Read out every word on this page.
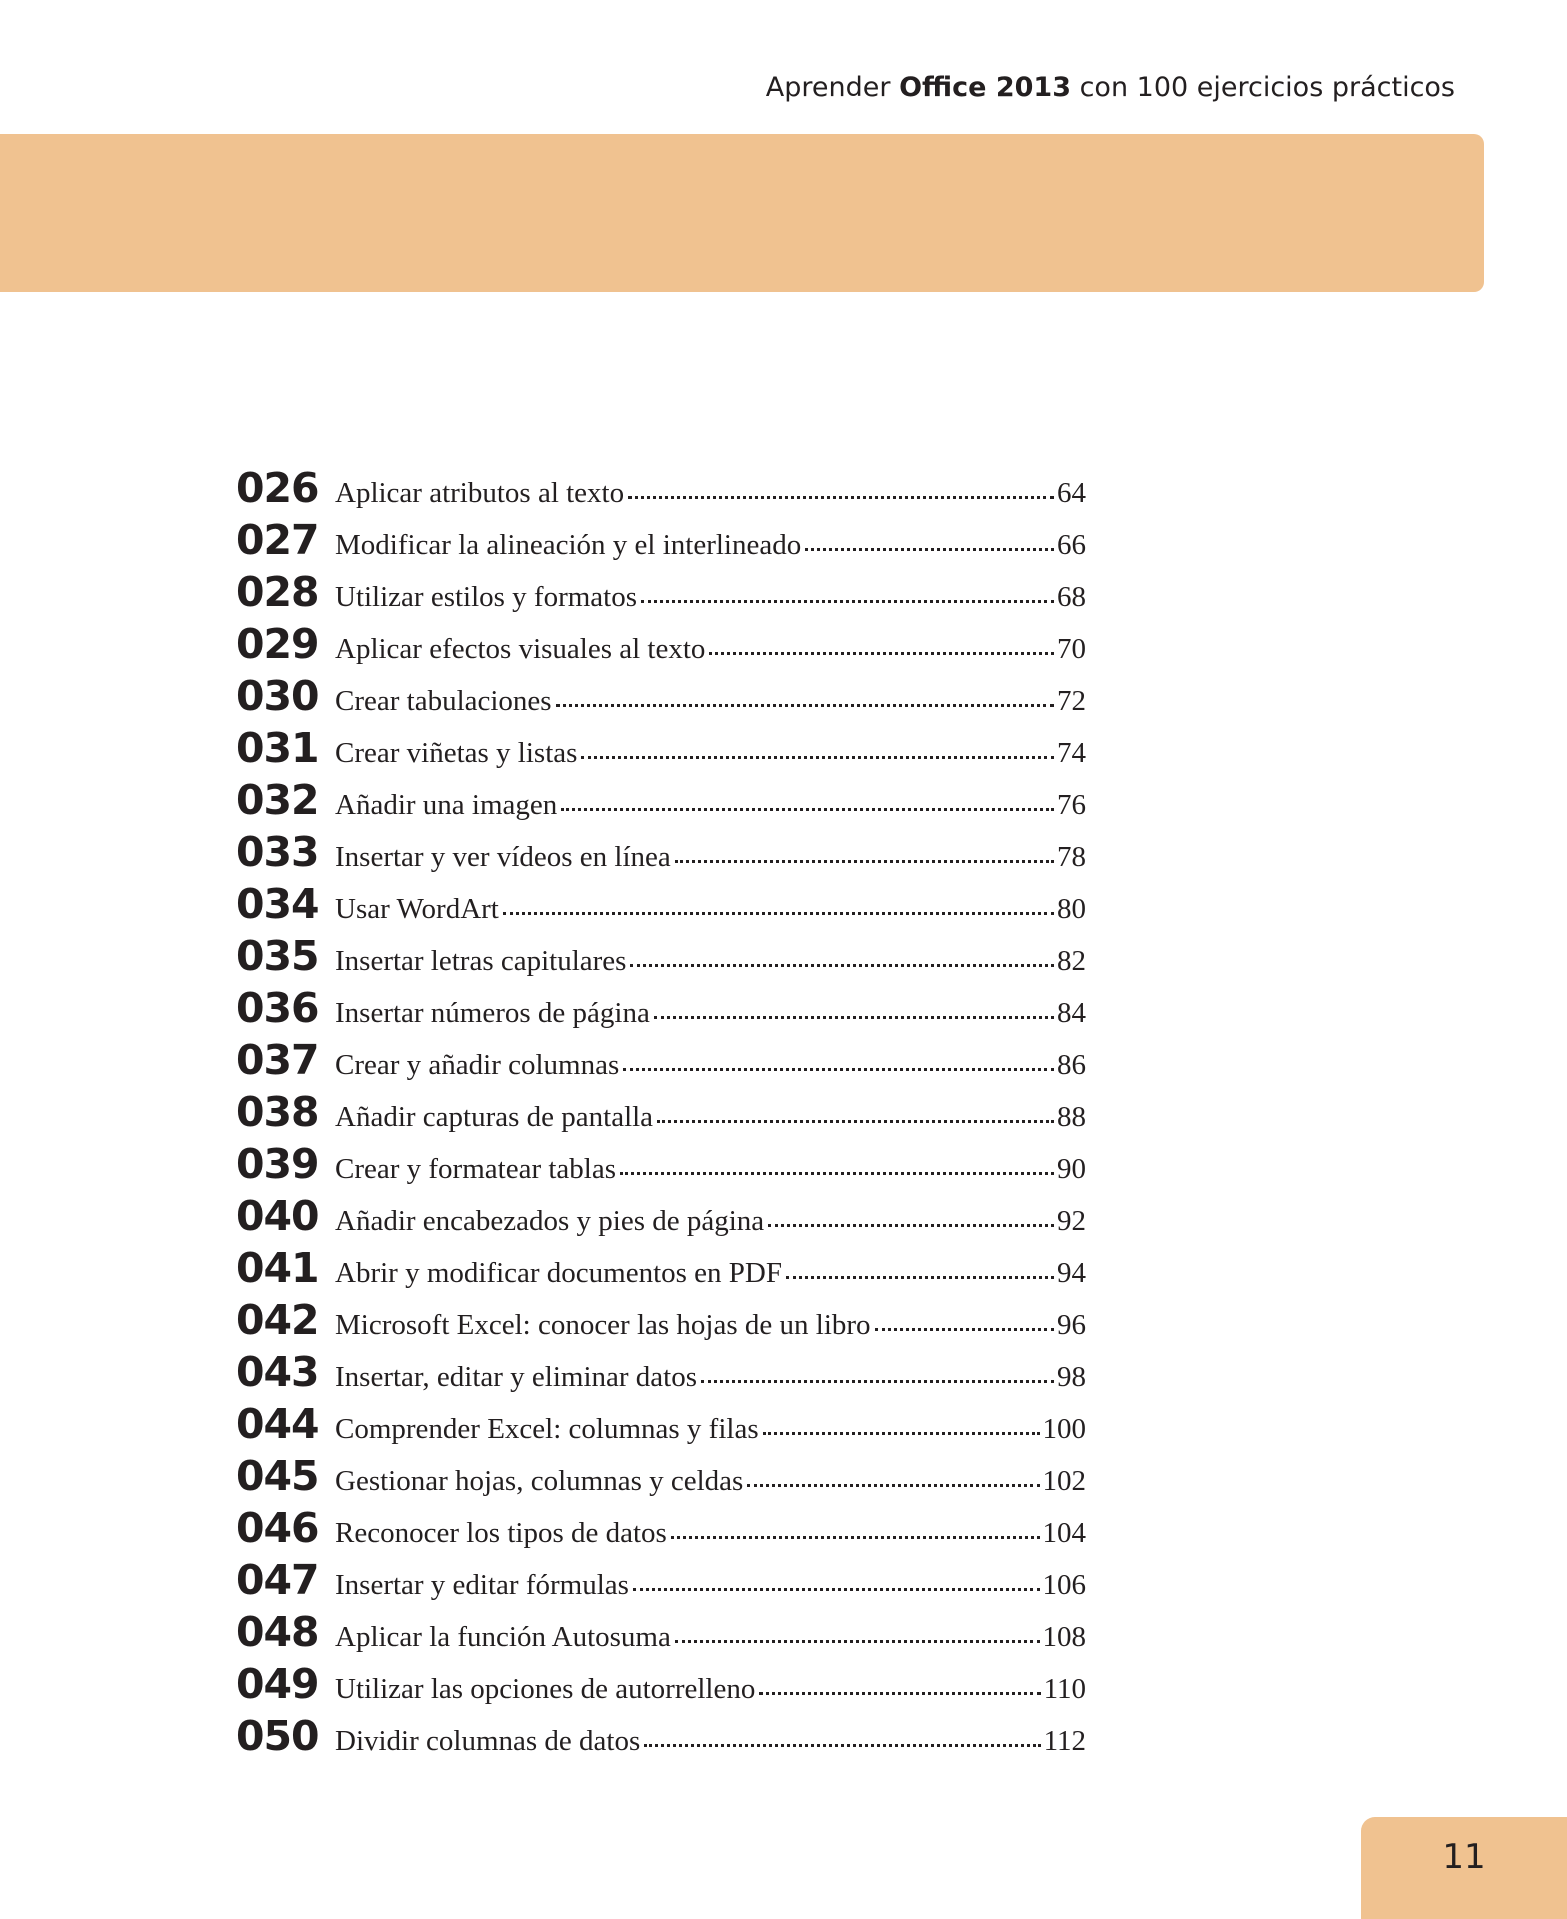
Aprender Office 2013 con 100 ejercicios prácticos
026 Aplicar atributos al texto	64
027 Modificar la alineación y el interlineado	66
028 Utilizar estilos y formatos	68
029 Aplicar efectos visuales al texto	70
030 Crear tabulaciones	72
031 Crear viñetas y listas	74
032 Añadir una imagen	76
033 Insertar y ver vídeos en línea	78
034 Usar WordArt	80
035 Insertar letras capitulares	82
036 Insertar números de página	84
037 Crear y añadir columnas	86
038 Añadir capturas de pantalla	88
039 Crear y formatear tablas	90
040 Añadir encabezados y pies de página	92
041 Abrir y modificar documentos en PDF	94
042 Microsoft Excel: conocer las hojas de un libro	96
043 Insertar, editar y eliminar datos	98
044 Comprender Excel: columnas y filas	100
045 Gestionar hojas, columnas y celdas	102
046 Reconocer los tipos de datos	104
047 Insertar y editar fórmulas	106
048 Aplicar la función Autosuma	108
049 Utilizar las opciones de autorrelleno	110
050 Dividir columnas de datos	112
11
